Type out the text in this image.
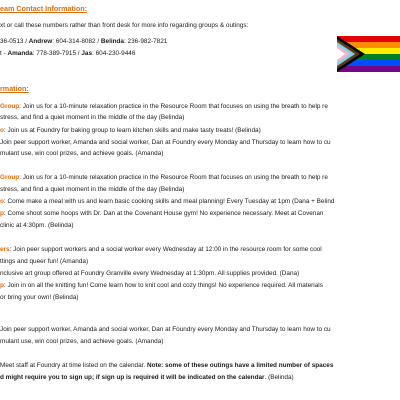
eam Contact Information:
xt or call these numbers rather than front desk for more info regarding groups & outings:
36-0513 / Andrew: 604-314-8082 / Belinda: 236-982-7821
t - Amanda: 778-389-7915 / Jas: 604-230-9446
rmation:
Group: Join us for a 10-minute relaxation practice in the Resource Room that focuses on using the breath to help re
stress, and find a quiet moment in the middle of the day (Belinda)
o: Join us at Foundry for baking group to learn kitchen skills and make tasty treats! (Belinda)
Join peer support worker, Amanda and social worker, Dan at Foundry every Monday and Thursday to learn how to cu
mulant use, win cool prizes, and achieve goals. (Amanda)
Group: Join us for a 10-minute relaxation practice in the Resource Room that focuses on using the breath to help re
stress, and find a quiet moment in the middle of the day (Belinda)
o: Come make a meal with us and learn basic cooking skills and meal planning! Every Tuesday at 1pm (Dana + Belind
p: Come shoot some hoops with Dr. Dan at the Covenant House gym! No experience necessary. Meet at Covenan
clinic at 4:30pm. (Belinda)
ers: Join peer support workers and a social worker every Wednesday at 12:00 in the resource room for some cool
ttings and queer fun! (Amanda)
nclusive art group offered at Foundry Granville every Wednesday at 1:30pm. All supplies provided. (Dana)
p: Join in on all the knitting fun! Come learn how to knit cool and cozy things! No experience required. All materials
or bring your own! (Belinda)
Join peer support worker, Amanda and social worker, Dan at Foundry every Monday and Thursday to learn how to cu
mulant use, win cool prizes, and achieve goals. (Amanda)
Meet staff at Foundry at time listed on the calendar. Note: some of these outings have a limited number of spaces
d might require you to sign up; if sign up is required it will be indicated on the calendar. (Belinda)
